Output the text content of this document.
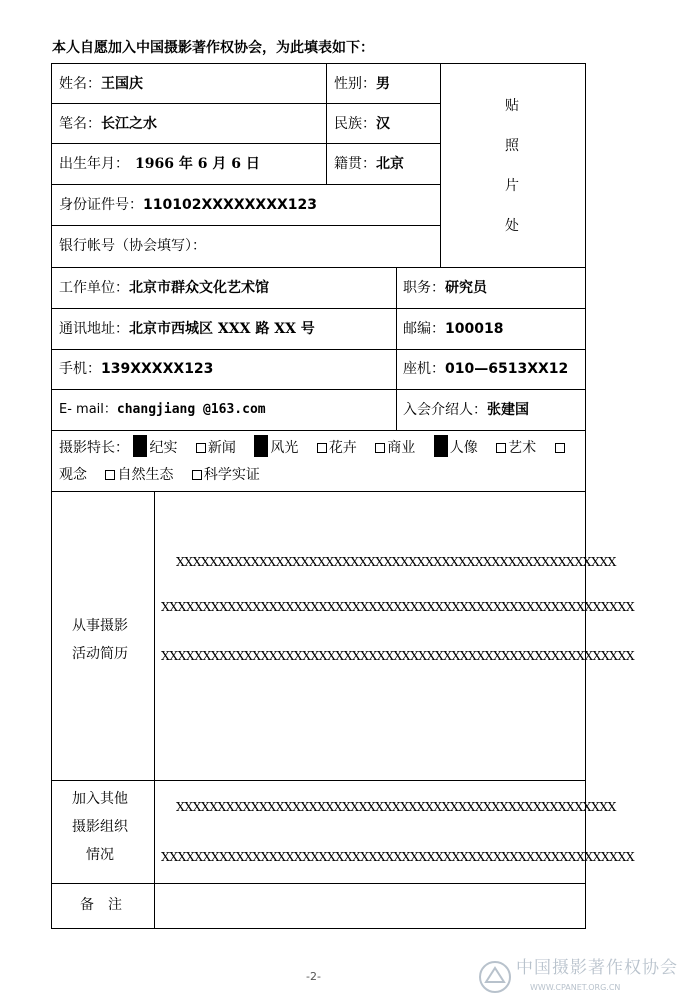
本人自愿加入中国摄影著作权协会，为此填表如下：
姓名：王国庆	性别：男
贴
照
片
处
笔名：长江之水	民族：汉
出生年月： 1966 年 6 月 6 日	籍贯：北京
身份证件号：110102XXXXXXXX123
银行帐号（协会填写）：
工作单位：北京市群众文化艺术馆	职务：研究员
通讯地址：北京市西城区 XXX 路 XX 号	邮编：100018
手机：139XXXXX123	座机：010—6513XX12
E- mail：changjiang @163.com	入会介绍人：张建国
摄影特长： 纪实 新闻 风光 花卉 商业 人像 艺术
观念 自然生态 科学实证
从事摄影
活动简历
XXXXXXXXXXXXXXXXXXXXXXXXXXXXXXXXXXXXXXXXXXXXXXXXXXXXX
XXXXXXXXXXXXXXXXXXXXXXXXXXXXXXXXXXXXXXXXXXXXXXXXXXXXXXXXX
XXXXXXXXXXXXXXXXXXXXXXXXXXXXXXXXXXXXXXXXXXXXXXXXXXXXXXXXX
加入其他
摄影组织
情况
XXXXXXXXXXXXXXXXXXXXXXXXXXXXXXXXXXXXXXXXXXXXXXXXXXXXX
XXXXXXXXXXXXXXXXXXXXXXXXXXXXXXXXXXXXXXXXXXXXXXXXXXXXXXXXX
备　注
-2-	中国摄影著作权协会
WWW.CPANET.ORG.CN
